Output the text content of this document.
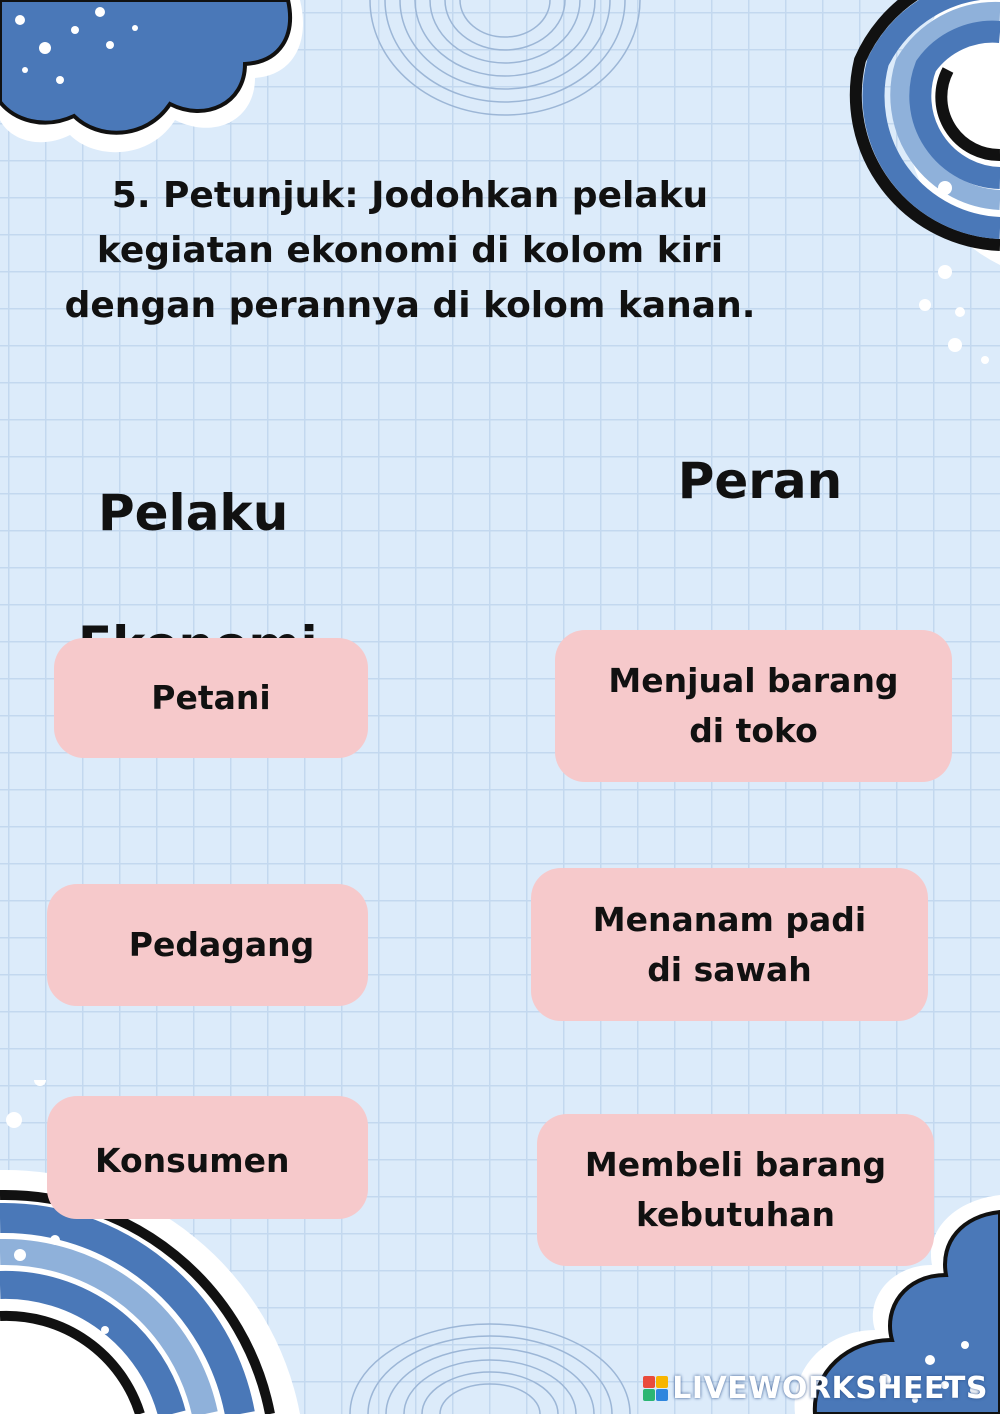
5. Petunjuk: Jodohkan pelaku
kegiatan ekonomi di kolom kiri
dengan perannya di kolom kanan.

Pelaku

Peran
Petani
Pedagang
Konsumen
Menjual barang
di toko
Menanam padi
di sawah
Membeli barang
kebutuhan
LIVEWORKSHEETS
